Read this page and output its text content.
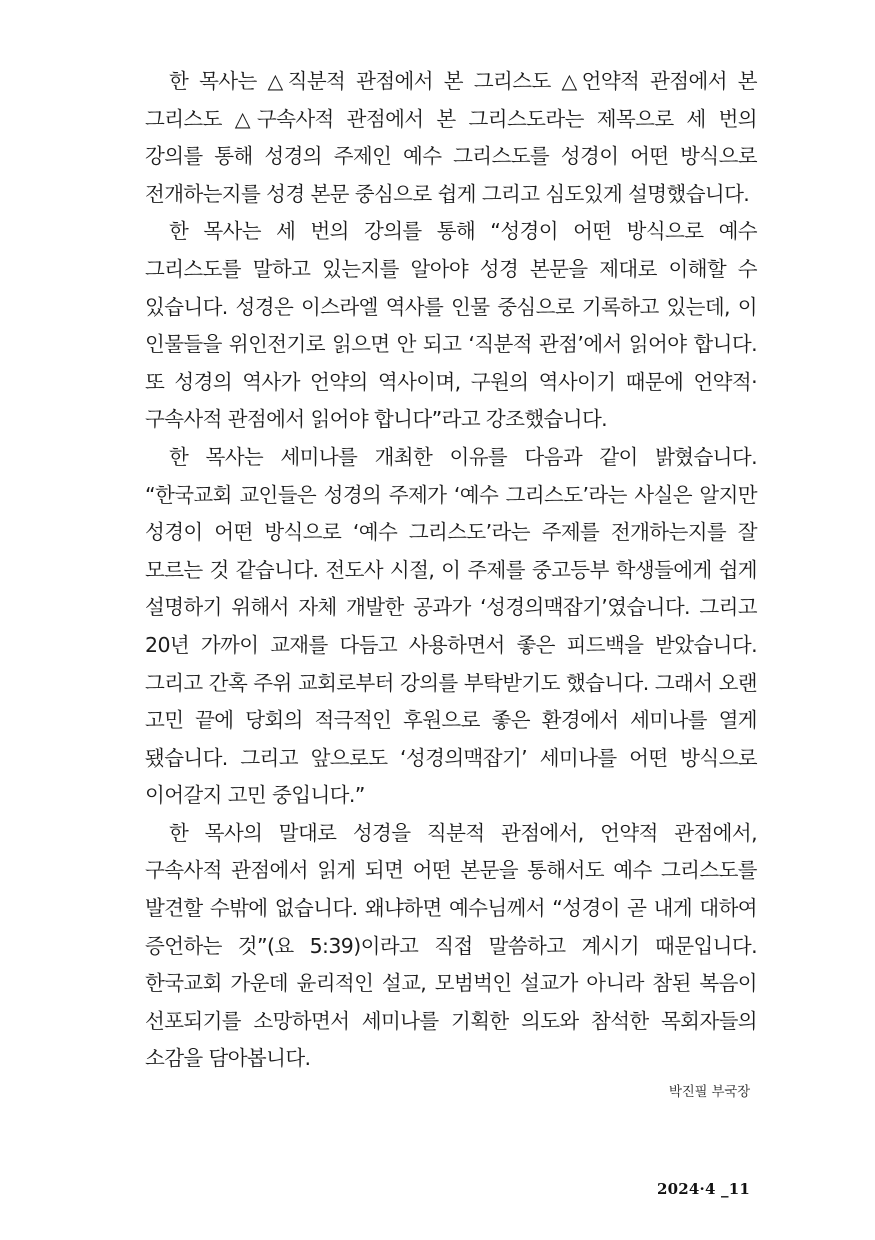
한 목사는 △직분적 관점에서 본 그리스도 △언약적 관점에서 본 그리스도 △구속사적 관점에서 본 그리스도라는 제목으로 세 번의 강의를 통해 성경의 주제인 예수 그리스도를 성경이 어떤 방식으로 전개하는지를 성경 본문 중심으로 쉽게 그리고 심도있게 설명했습니다.

한 목사는 세 번의 강의를 통해 “성경이 어떤 방식으로 예수 그리스도를 말하고 있는지를 알아야 성경 본문을 제대로 이해할 수 있습니다. 성경은 이스라엘 역사를 인물 중심으로 기록하고 있는데, 이 인물들을 위인전기로 읽으면 안 되고 ‘직분적 관점’에서 읽어야 합니다. 또 성경의 역사가 언약의 역사이며, 구원의 역사이기 때문에 언약적·구속사적 관점에서 읽어야 합니다”라고 강조했습니다.

한 목사는 세미나를 개최한 이유를 다음과 같이 밝혔습니다. “한국교회 교인들은 성경의 주제가 ‘예수 그리스도’라는 사실은 알지만 성경이 어떤 방식으로 ‘예수 그리스도’라는 주제를 전개하는지를 잘 모르는 것 같습니다. 전도사 시절, 이 주제를 중고등부 학생들에게 쉽게 설명하기 위해서 자체 개발한 공과가 ‘성경의맥잡기’였습니다. 그리고 20년 가까이 교재를 다듬고 사용하면서 좋은 피드백을 받았습니다. 그리고 간혹 주위 교회로부터 강의를 부탁받기도 했습니다. 그래서 오랜 고민 끝에 당회의 적극적인 후원으로 좋은 환경에서 세미나를 열게 됐습니다. 그리고 앞으로도 ‘성경의맥잡기’ 세미나를 어떤 방식으로 이어갈지 고민 중입니다.”

한 목사의 말대로 성경을 직분적 관점에서, 언약적 관점에서, 구속사적 관점에서 읽게 되면 어떤 본문을 통해서도 예수 그리스도를 발견할 수밖에 없습니다. 왜냐하면 예수님께서 “성경이 곧 내게 대하여 증언하는 것”(요 5:39)이라고 직접 말씀하고 계시기 때문입니다. 한국교회 가운데 윤리적인 설교, 모범벅인 설교가 아니라 참된 복음이 선포되기를 소망하면서 세미나를 기획한 의도와 참석한 목회자들의 소감을 담아봅니다.

박진필 부국장
2024·4 _11
